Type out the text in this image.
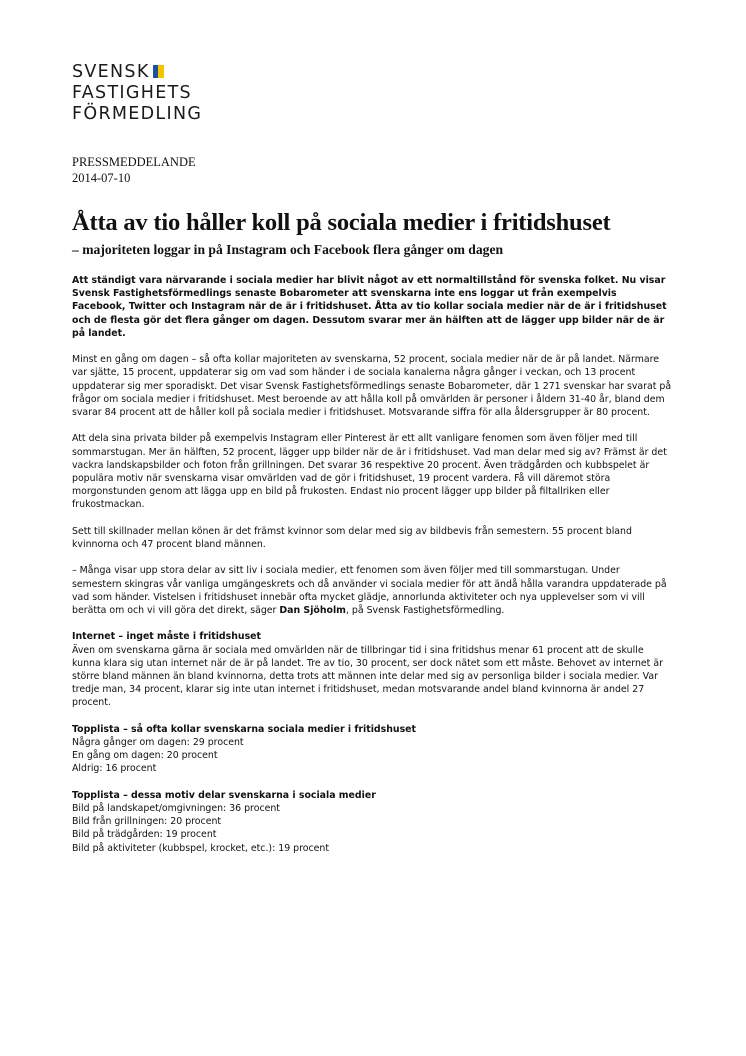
SVENSK
FASTIGHETS
FÖRMEDLING
PRESSMEDDELANDE
2014-07-10
Åtta av tio håller koll på sociala medier i fritidshuset
– majoriteten loggar in på Instagram och Facebook flera gånger om dagen

Att ständigt vara närvarande i sociala medier har blivit något av ett normaltillstånd för svenska folket. Nu visar Svensk Fastighetsförmedlings senaste Bobarometer att svenskarna inte ens loggar ut från exempelvis Facebook, Twitter och Instagram när de är i fritidshuset. Åtta av tio kollar sociala medier när de är i fritidshuset och de flesta gör det flera gånger om dagen. Dessutom svarar mer än hälften att de lägger upp bilder när de är på landet.

Minst en gång om dagen – så ofta kollar majoriteten av svenskarna, 52 procent, sociala medier när de är på landet. Närmare var sjätte, 15 procent, uppdaterar sig om vad som händer i de sociala kanalerna några gånger i veckan, och 13 procent uppdaterar sig mer sporadiskt. Det visar Svensk Fastighetsförmedlings senaste Bobarometer, där 1 271 svenskar har svarat på frågor om sociala medier i fritidshuset. Mest beroende av att hålla koll på omvärlden är personer i åldern 31-40 år, bland dem svarar 84 procent att de håller koll på sociala medier i fritidshuset. Motsvarande siffra för alla åldersgrupper är 80 procent.

Att dela sina privata bilder på exempelvis Instagram eller Pinterest är ett allt vanligare fenomen som även följer med till sommarstugan. Mer än hälften, 52 procent, lägger upp bilder när de är i fritidshuset. Vad man delar med sig av? Främst är det vackra landskapsbilder och foton från grillningen. Det svarar 36 respektive 20 procent. Även trädgården och kubbspelet är populära motiv när svenskarna visar omvärlden vad de gör i fritidshuset, 19 procent vardera. Få vill däremot störa morgonstunden genom att lägga upp en bild på frukosten. Endast nio procent lägger upp bilder på filtallriken eller frukostmackan.

Sett till skillnader mellan könen är det främst kvinnor som delar med sig av bildbevis från semestern. 55 procent bland kvinnorna och 47 procent bland männen.

– Många visar upp stora delar av sitt liv i sociala medier, ett fenomen som även följer med till sommarstugan. Under semestern skingras vår vanliga umgängeskrets och då använder vi sociala medier för att ändå hålla varandra uppdaterade på vad som händer. Vistelsen i fritidshuset innebär ofta mycket glädje, annorlunda aktiviteter och nya upplevelser som vi vill berätta om och vi vill göra det direkt, säger Dan Sjöholm, på Svensk Fastighetsförmedling.

Internet – inget måste i fritidshuset
Även om svenskarna gärna är sociala med omvärlden när de tillbringar tid i sina fritidshus menar 61 procent att de skulle kunna klara sig utan internet när de är på landet. Tre av tio, 30 procent, ser dock nätet som ett måste. Behovet av internet är större bland männen än bland kvinnorna, detta trots att männen inte delar med sig av personliga bilder i sociala medier. Var tredje man, 34 procent, klarar sig inte utan internet i fritidshuset, medan motsvarande andel bland kvinnorna är andel 27 procent.

Topplista – så ofta kollar svenskarna sociala medier i fritidshuset
Några gånger om dagen: 29 procent
En gång om dagen: 20 procent
Aldrig: 16 procent
Topplista – dessa motiv delar svenskarna i sociala medier
Bild på landskapet/omgivningen: 36 procent
Bild från grillningen: 20 procent
Bild på trädgården: 19 procent
Bild på aktiviteter (kubbspel, krocket, etc.): 19 procent
